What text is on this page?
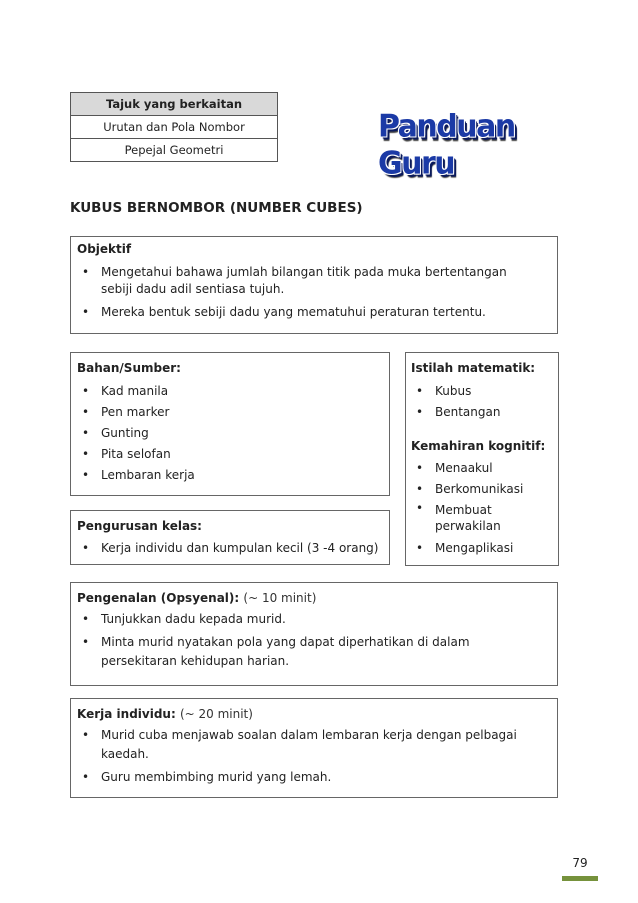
Tajuk yang berkaitan
Urutan dan Pola Nombor
Pepejal Geometri
Panduan Guru
KUBUS BERNOMBOR (NUMBER CUBES)

Objektif

• Mengetahui bahawa jumlah bilangan titik pada muka bertentangan sebiji dadu adil sentiasa tujuh.
• Mereka bentuk sebiji dadu yang mematuhui peraturan tertentu.

Bahan/Sumber:

• Kad manila
• Pen marker
• Gunting
• Pita selofan
• Lembaran kerja

Pengurusan kelas:

• Kerja individu dan kumpulan kecil (3 -4 orang)

Istilah matematik:

• Kubus
• Bentangan

Kemahiran kognitif:

• Menaakul
• Berkomunikasi
• Membuat perwakilan
• Mengaplikasi

Pengenalan (Opsyenal): (~ 10 minit)

• Tunjukkan dadu kepada murid.
• Minta murid nyatakan pola yang dapat diperhatikan di dalam persekitaran kehidupan harian.

Kerja individu: (~ 20 minit)

• Murid cuba menjawab soalan dalam lembaran kerja dengan pelbagai kaedah.
• Guru membimbing murid yang lemah.
79
